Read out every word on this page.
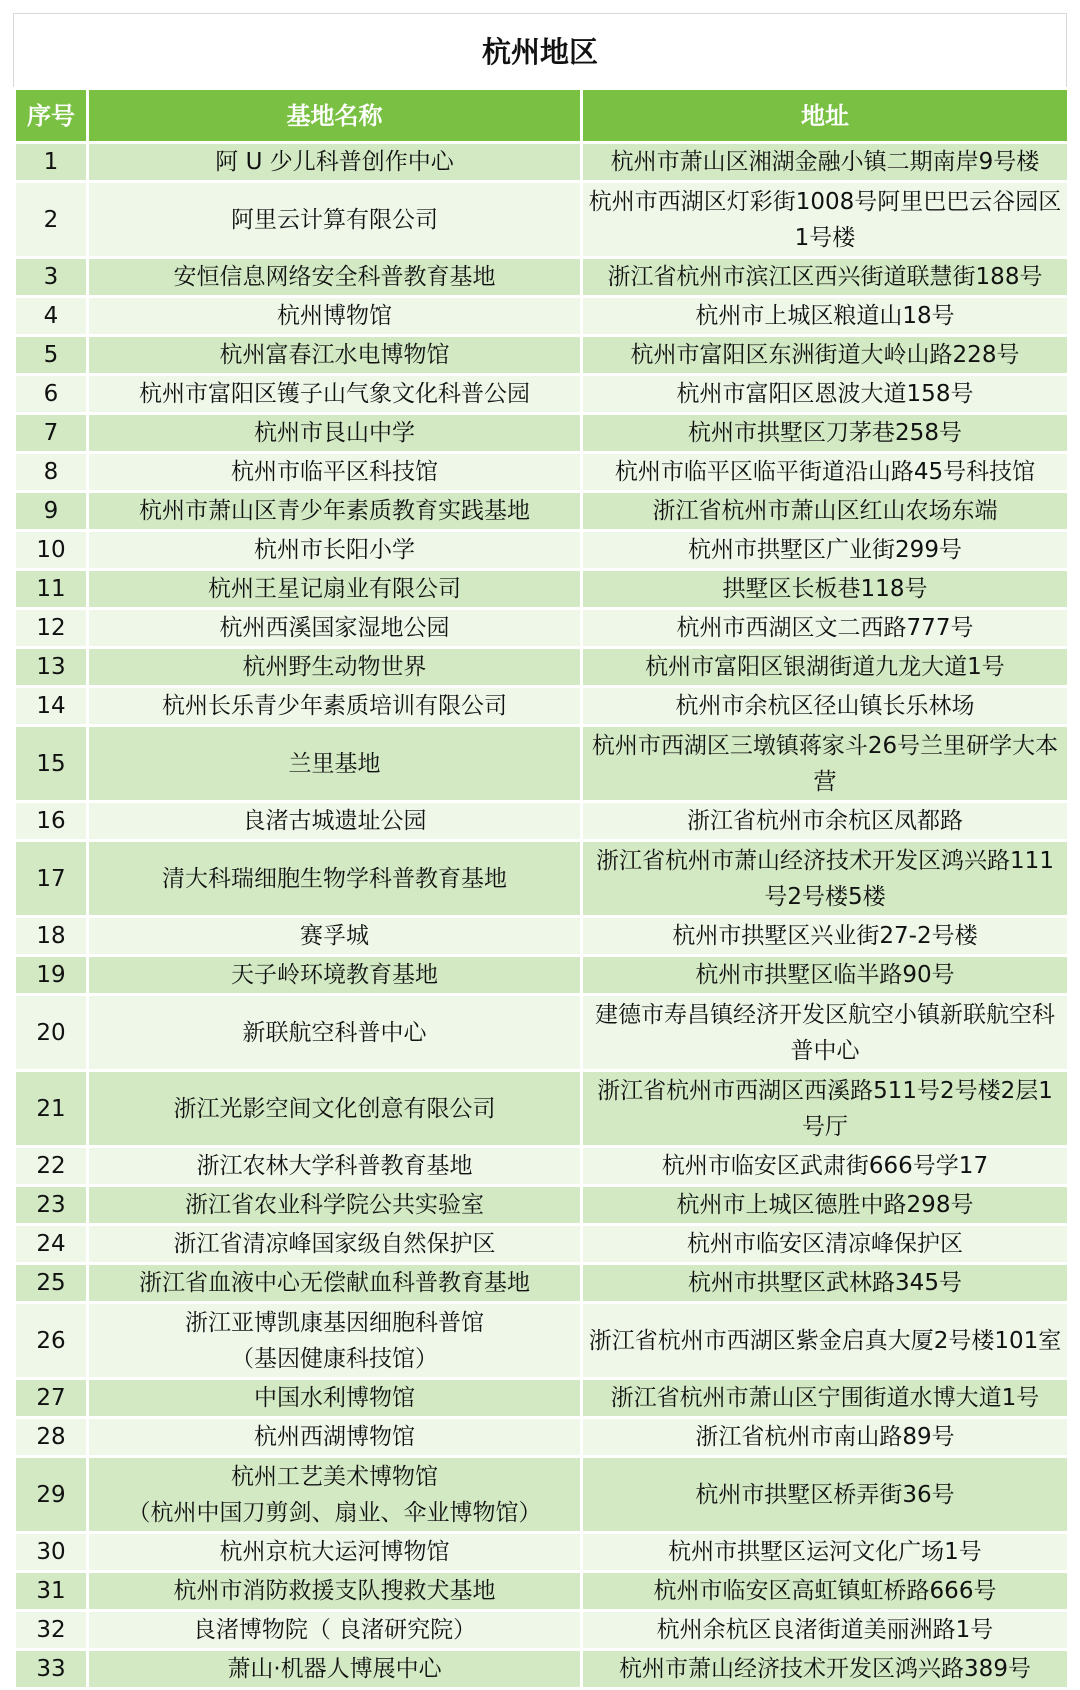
杭州地区
序号	基地名称	地址
1	阿 U 少儿科普创作中心	杭州市萧山区湘湖金融小镇二期南岸9号楼
2	阿里云计算有限公司	杭州市西湖区灯彩街1008号阿里巴巴云谷园区1号楼
3	安恒信息网络安全科普教育基地	浙江省杭州市滨江区西兴街道联慧街188号
4	杭州博物馆	杭州市上城区粮道山18号
5	杭州富春江水电博物馆	杭州市富阳区东洲街道大岭山路228号
6	杭州市富阳区镬子山气象文化科普公园	杭州市富阳区恩波大道158号
7	杭州市艮山中学	杭州市拱墅区刀茅巷258号
8	杭州市临平区科技馆	杭州市临平区临平街道沿山路45号科技馆
9	杭州市萧山区青少年素质教育实践基地	浙江省杭州市萧山区红山农场东端
10	杭州市长阳小学	杭州市拱墅区广业街299号
11	杭州王星记扇业有限公司	拱墅区长板巷118号
12	杭州西溪国家湿地公园	杭州市西湖区文二西路777号
13	杭州野生动物世界	杭州市富阳区银湖街道九龙大道1号
14	杭州长乐青少年素质培训有限公司	杭州市余杭区径山镇长乐林场
15	兰里基地	杭州市西湖区三墩镇蒋家斗26号兰里研学大本营
16	良渚古城遗址公园	浙江省杭州市余杭区凤都路
17	清大科瑞细胞生物学科普教育基地	浙江省杭州市萧山经济技术开发区鸿兴路111号2号楼5楼
18	赛孚城	杭州市拱墅区兴业街27-2号楼
19	天子岭环境教育基地	杭州市拱墅区临半路90号
20	新联航空科普中心	建德市寿昌镇经济开发区航空小镇新联航空科普中心
21	浙江光影空间文化创意有限公司	浙江省杭州市西湖区西溪路511号2号楼2层1号厅
22	浙江农林大学科普教育基地	杭州市临安区武肃街666号学17
23	浙江省农业科学院公共实验室	杭州市上城区德胜中路298号
24	浙江省清凉峰国家级自然保护区	杭州市临安区清凉峰保护区
25	浙江省血液中心无偿献血科普教育基地	杭州市拱墅区武林路345号
26	浙江亚博凯康基因细胞科普馆
（基因健康科技馆）	浙江省杭州市西湖区紫金启真大厦2号楼101室
27	中国水利博物馆	浙江省杭州市萧山区宁围街道水博大道1号
28	杭州西湖博物馆	浙江省杭州市南山路89号
29	杭州工艺美术博物馆
（杭州中国刀剪剑、扇业、伞业博物馆）	杭州市拱墅区桥弄街36号
30	杭州京杭大运河博物馆	杭州市拱墅区运河文化广场1号
31	杭州市消防救援支队搜救犬基地	杭州市临安区高虹镇虹桥路666号
32	良渚博物院（ 良渚研究院）	杭州余杭区良渚街道美丽洲路1号
33	萧山·机器人博展中心	杭州市萧山经济技术开发区鸿兴路389号
